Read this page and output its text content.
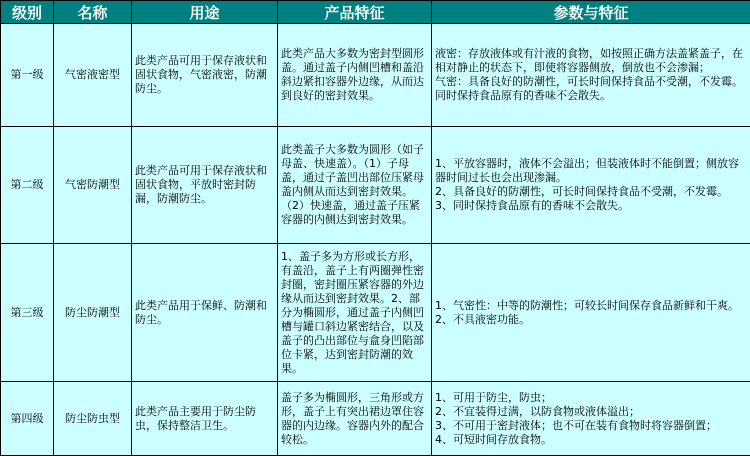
级别	名称	用途	产品特征	参数与特征
第一级	气密液密型	此类产品可用于保存液状和固状食物，气密液密，防潮防尘。	此类产品大多数为密封型圆形盖。通过盖子内侧凹槽和盖沿斜边紧扣容器外边缘，从而达到良好的密封效果。	液密：存放液体或有汁液的食物，如按照正确方法盖紧盖子，在相对静止的状态下，即使将容器侧放，倒放也不会渗漏；
气密：具备良好的防潮性，可长时间保持食品不受潮，不发霉。同时保持食品原有的香味不会散失。

第二级	气密防潮型	此类产品可用于保存液状和固状食物，平放时密封防漏，防潮防尘。	此类盖子大多数为圆形（如子母盖、快速盖）。（1）子母盖，通过子盖凹出部位压紧母盖内侧从而达到密封效果。（2）快速盖，通过盖子压紧容器的内侧达到密封效果。	1、平放容器时，液体不会溢出；但装液体时不能倒置；侧放容器时间过长也会出现渗漏。
2、具备良好的防潮性，可长时间保持食品不受潮，不发霉。
3、同时保持食品原有的香味不会散失。

第三级	防尘防潮型	此类产品用于保鲜、防潮和防尘。	1、盖子多为方形或长方形，有盖沿，盖子上有两圈弹性密封圈，密封圈压紧容器的外边缘从而达到密封效果。2、部分为椭圆形，通过盖子内侧凹槽与罐口斜边紧密结合，以及盖子的凸出部位与盒身凹陷部位卡紧，达到密封防潮的效果。	1、气密性：中等的防潮性；可较长时间保存食品新鲜和干爽。
2、不具液密功能。

第四级	防尘防虫型	此类产品主要用于防尘防虫，保持整洁卫生。	盖子多为椭圆形，三角形或方形，盖子上有突出裙边罩住容器的内边缘。容器内外的配合较松。	1、可用于防尘，防虫；
2、不宜装得过满，以防食物或液体溢出；
3、不可用于密封液体；也不可在装有食物时将容器倒置；
4、可短时间存放食物。
